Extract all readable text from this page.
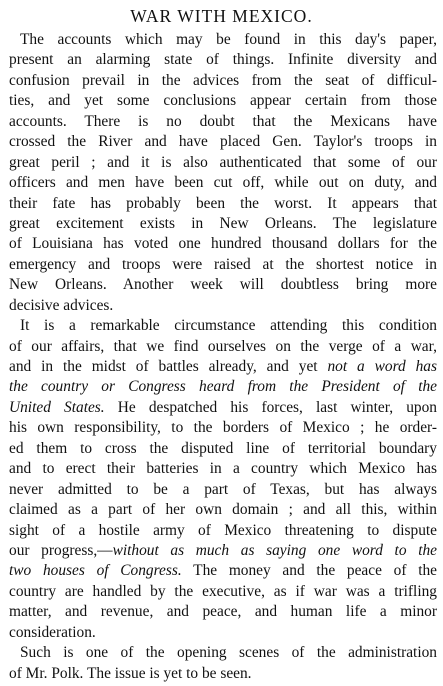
WAR WITH MEXICO.
The accounts which may be found in this day's paper,
present an alarming state of things. Infinite diversity and
confusion prevail in the advices from the seat of difficul-
ties, and yet some conclusions appear certain from those
accounts. There is no doubt that the Mexicans have
crossed the River and have placed Gen. Taylor's troops in
great peril ; and it is also authenticated that some of our
officers and men have been cut off, while out on duty, and
their fate has probably been the worst. It appears that
great excitement exists in New Orleans. The legislature
of Louisiana has voted one hundred thousand dollars for the
emergency and troops were raised at the shortest notice in
New Orleans. Another week will doubtless bring more
decisive advices.
It is a remarkable circumstance attending this condition
of our affairs, that we find ourselves on the verge of a war,
and in the midst of battles already, and yet not a word has
the country or Congress heard from the President of the
United States. He despatched his forces, last winter, upon
his own responsibility, to the borders of Mexico ; he order-
ed them to cross the disputed line of territorial boundary
and to erect their batteries in a country which Mexico has
never admitted to be a part of Texas, but has always
claimed as a part of her own domain ; and all this, within
sight of a hostile army of Mexico threatening to dispute
our progress,—without as much as saying one word to the
two houses of Congress. The money and the peace of the
country are handled by the executive, as if war was a trifling
matter, and revenue, and peace, and human life a minor
consideration.
Such is one of the opening scenes of the administration
of Mr. Polk. The issue is yet to be seen.
